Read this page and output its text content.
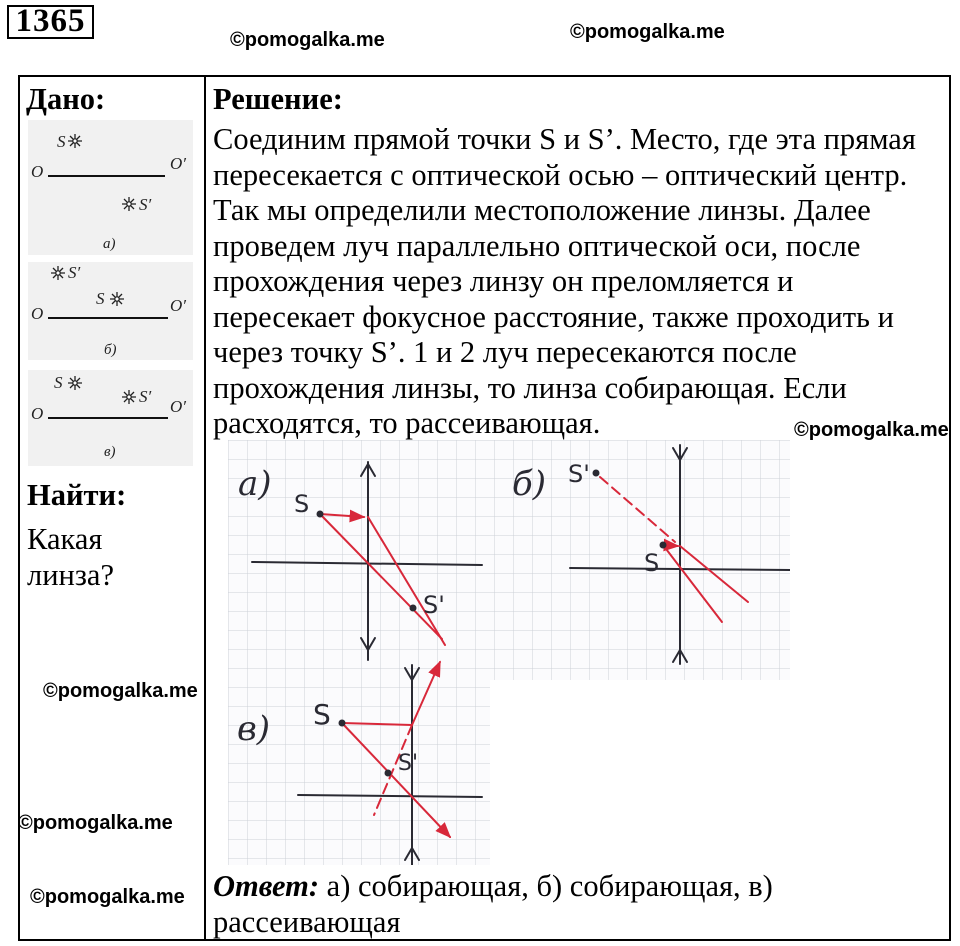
1365
©pomogalka.me	©pomogalka.me
©pomogalka.me
©pomogalka.me
©pomogalka.me
©pomogalka.me
Дано:
S
O	O′
S′
а)
S′
S
O	O′
б)
S
S′
O	O′
в)
Найти:
Какая линза?
Решение:
Соединим прямой точки S и S’. Место, где эта прямая
пересекается с оптической осью – оптический центр.
Так мы определили местоположение линзы. Далее
проведем луч параллельно оптической оси, после
прохождения через линзу он преломляется и
пересекает фокусное расстояние, также проходить и
через точку S’. 1 и 2 луч пересекаются после
прохождения линзы, то линза собирающая. Если
расходятся, то рассеивающая.
а) S
S'
б) S'
S
в) S
S'
Ответ: а) собирающая, б) собирающая, в) рассеивающая
